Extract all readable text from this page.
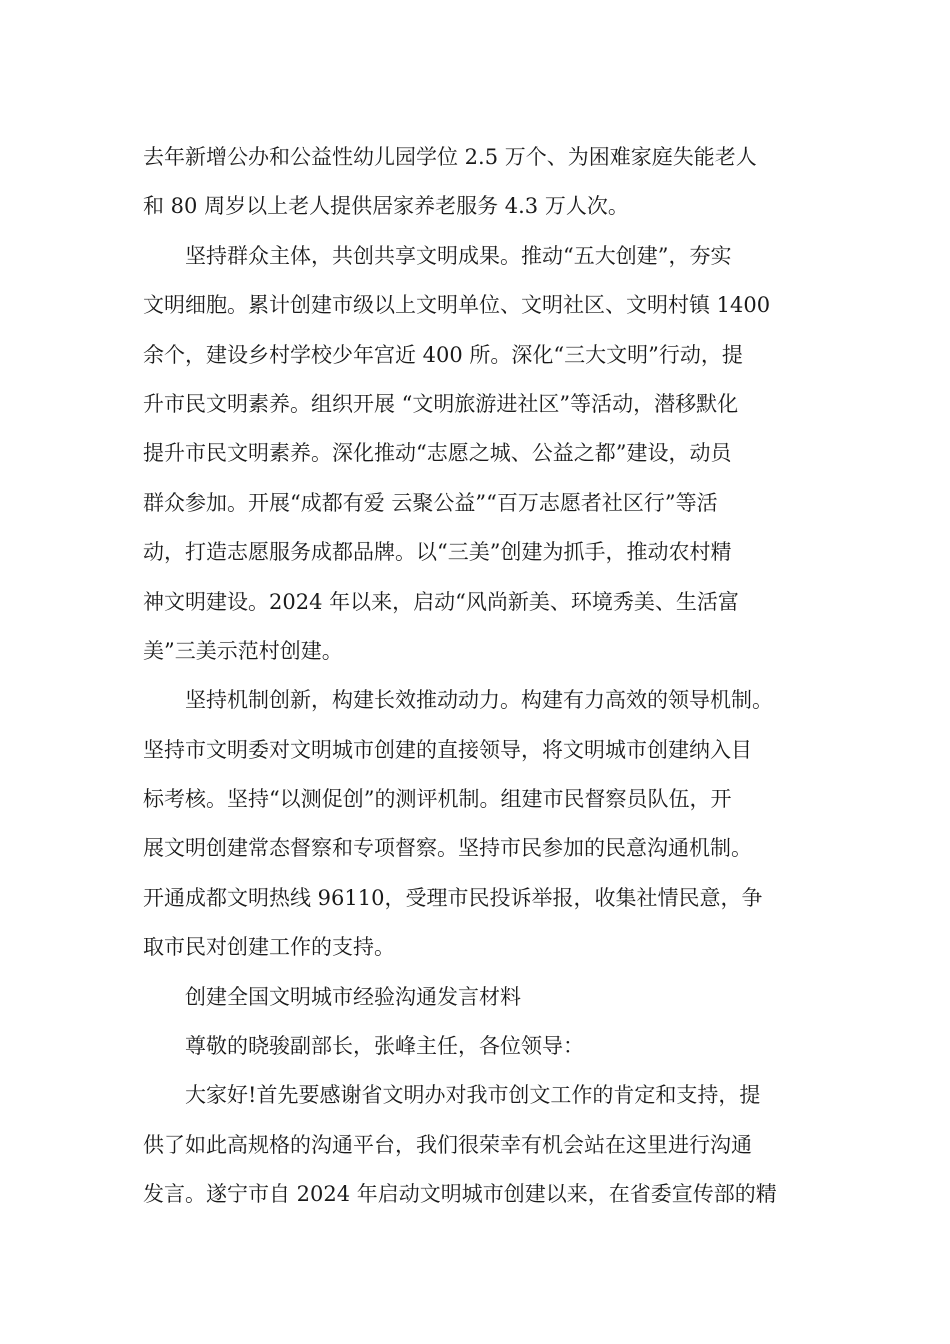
去年新增公办和公益性幼儿园学位 2.5 万个、为困难家庭失能老人
和 80 周岁以上老人提供居家养老服务 4.3 万人次。
　　坚持群众主体，共创共享文明成果。推动“五大创建”，夯实
文明细胞。累计创建市级以上文明单位、文明社区、文明村镇 1400
余个，建设乡村学校少年宫近 400 所。深化“三大文明”行动，提
升市民文明素养。组织开展 “文明旅游进社区”等活动，潜移默化
提升市民文明素养。深化推动“志愿之城、公益之都”建设，动员
群众参加。开展“成都有爱 云聚公益”“百万志愿者社区行”等活
动，打造志愿服务成都品牌。以“三美”创建为抓手，推动农村精
神文明建设。2024 年以来，启动“风尚新美、环境秀美、生活富
美”三美示范村创建。
　　坚持机制创新，构建长效推动动力。构建有力高效的领导机制。
坚持市文明委对文明城市创建的直接领导，将文明城市创建纳入目
标考核。坚持“以测促创”的测评机制。组建市民督察员队伍，开
展文明创建常态督察和专项督察。坚持市民参加的民意沟通机制。
开通成都文明热线 96110，受理市民投诉举报，收集社情民意，争
取市民对创建工作的支持。
　　创建全国文明城市经验沟通发言材料
　　尊敬的晓骏副部长，张峰主任，各位领导：
　　大家好!首先要感谢省文明办对我市创文工作的肯定和支持，提
供了如此高规格的沟通平台，我们很荣幸有机会站在这里进行沟通
发言。遂宁市自 2024 年启动文明城市创建以来，在省委宣传部的精
